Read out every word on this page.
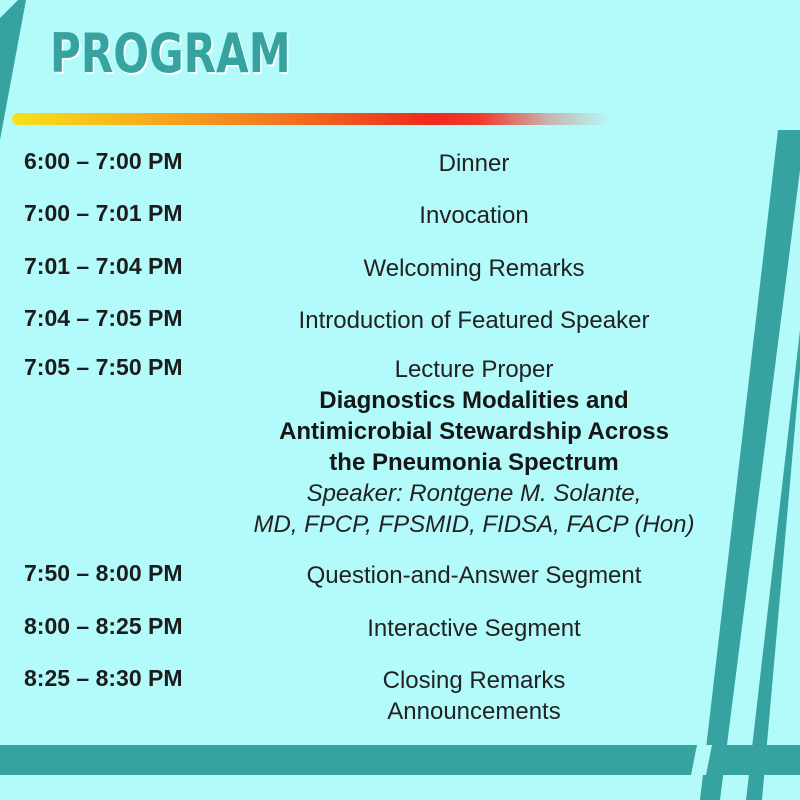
PROGRAM
6:00 – 7:00 PM	Dinner
7:00 – 7:01 PM	Invocation
7:01 – 7:04 PM	Welcoming Remarks
7:04 – 7:05 PM	Introduction of Featured Speaker
7:05 – 7:50 PM	Lecture Proper
Diagnostics Modalities and
Antimicrobial Stewardship Across
the Pneumonia Spectrum
Speaker: Rontgene M. Solante,
MD, FPCP, FPSMID, FIDSA, FACP (Hon)
7:50 – 8:00 PM	Question-and-Answer Segment
8:00 – 8:25 PM	Interactive Segment
8:25 – 8:30 PM	Closing Remarks
Announcements
